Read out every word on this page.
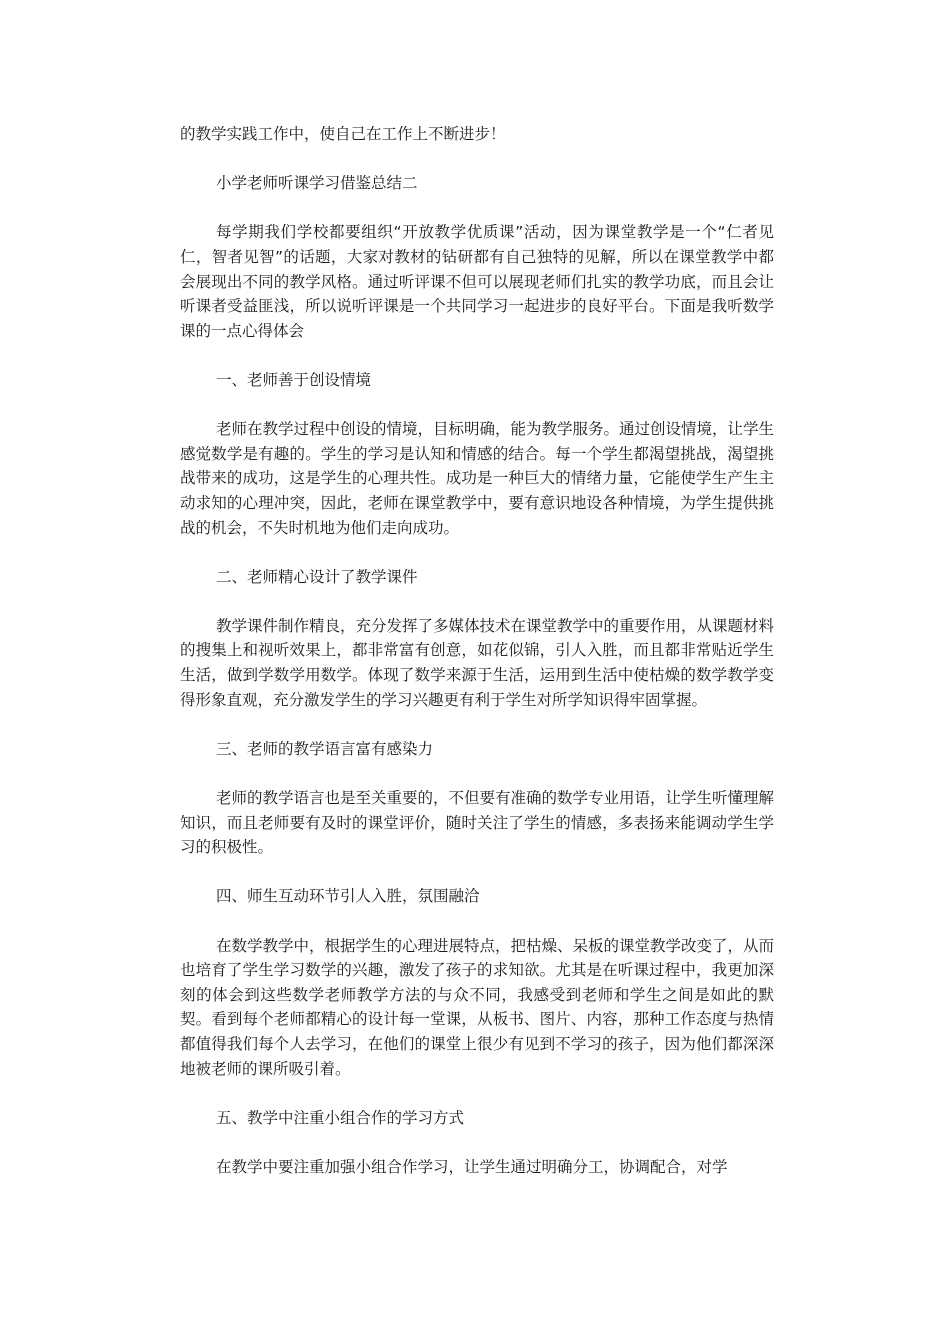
的教学实践工作中，使自己在工作上不断进步！

小学老师听课学习借鉴总结二

每学期我们学校都要组织“开放教学优质课”活动，因为课堂教学是一个“仁者见仁，智者见智”的话题，大家对教材的钻研都有自己独特的见解，所以在课堂教学中都会展现出不同的教学风格。通过听评课不但可以展现老师们扎实的教学功底，而且会让听课者受益匪浅，所以说听评课是一个共同学习一起进步的良好平台。下面是我听数学课的一点心得体会

一、老师善于创设情境

老师在教学过程中创设的情境，目标明确，能为教学服务。通过创设情境，让学生感觉数学是有趣的。学生的学习是认知和情感的结合。每一个学生都渴望挑战，渴望挑战带来的成功，这是学生的心理共性。成功是一种巨大的情绪力量，它能使学生产生主动求知的心理冲突，因此，老师在课堂教学中，要有意识地设各种情境，为学生提供挑战的机会，不失时机地为他们走向成功。

二、老师精心设计了教学课件

教学课件制作精良，充分发挥了多媒体技术在课堂教学中的重要作用，从课题材料的搜集上和视听效果上，都非常富有创意，如花似锦，引人入胜，而且都非常贴近学生生活，做到学数学用数学。体现了数学来源于生活，运用到生活中使枯燥的数学教学变得形象直观，充分激发学生的学习兴趣更有利于学生对所学知识得牢固掌握。

三、老师的教学语言富有感染力

老师的教学语言也是至关重要的，不但要有准确的数学专业用语，让学生听懂理解知识，而且老师要有及时的课堂评价，随时关注了学生的情感，多表扬来能调动学生学习的积极性。

四、师生互动环节引人入胜，氛围融洽

在数学教学中，根据学生的心理进展特点，把枯燥、呆板的课堂教学改变了，从而也培育了学生学习数学的兴趣，激发了孩子的求知欲。尤其是在听课过程中，我更加深刻的体会到这些数学老师教学方法的与众不同，我感受到老师和学生之间是如此的默契。看到每个老师都精心的设计每一堂课，从板书、图片、内容，那种工作态度与热情都值得我们每个人去学习，在他们的课堂上很少有见到不学习的孩子，因为他们都深深地被老师的课所吸引着。

五、教学中注重小组合作的学习方式

在教学中要注重加强小组合作学习，让学生通过明确分工，协调配合，对学
